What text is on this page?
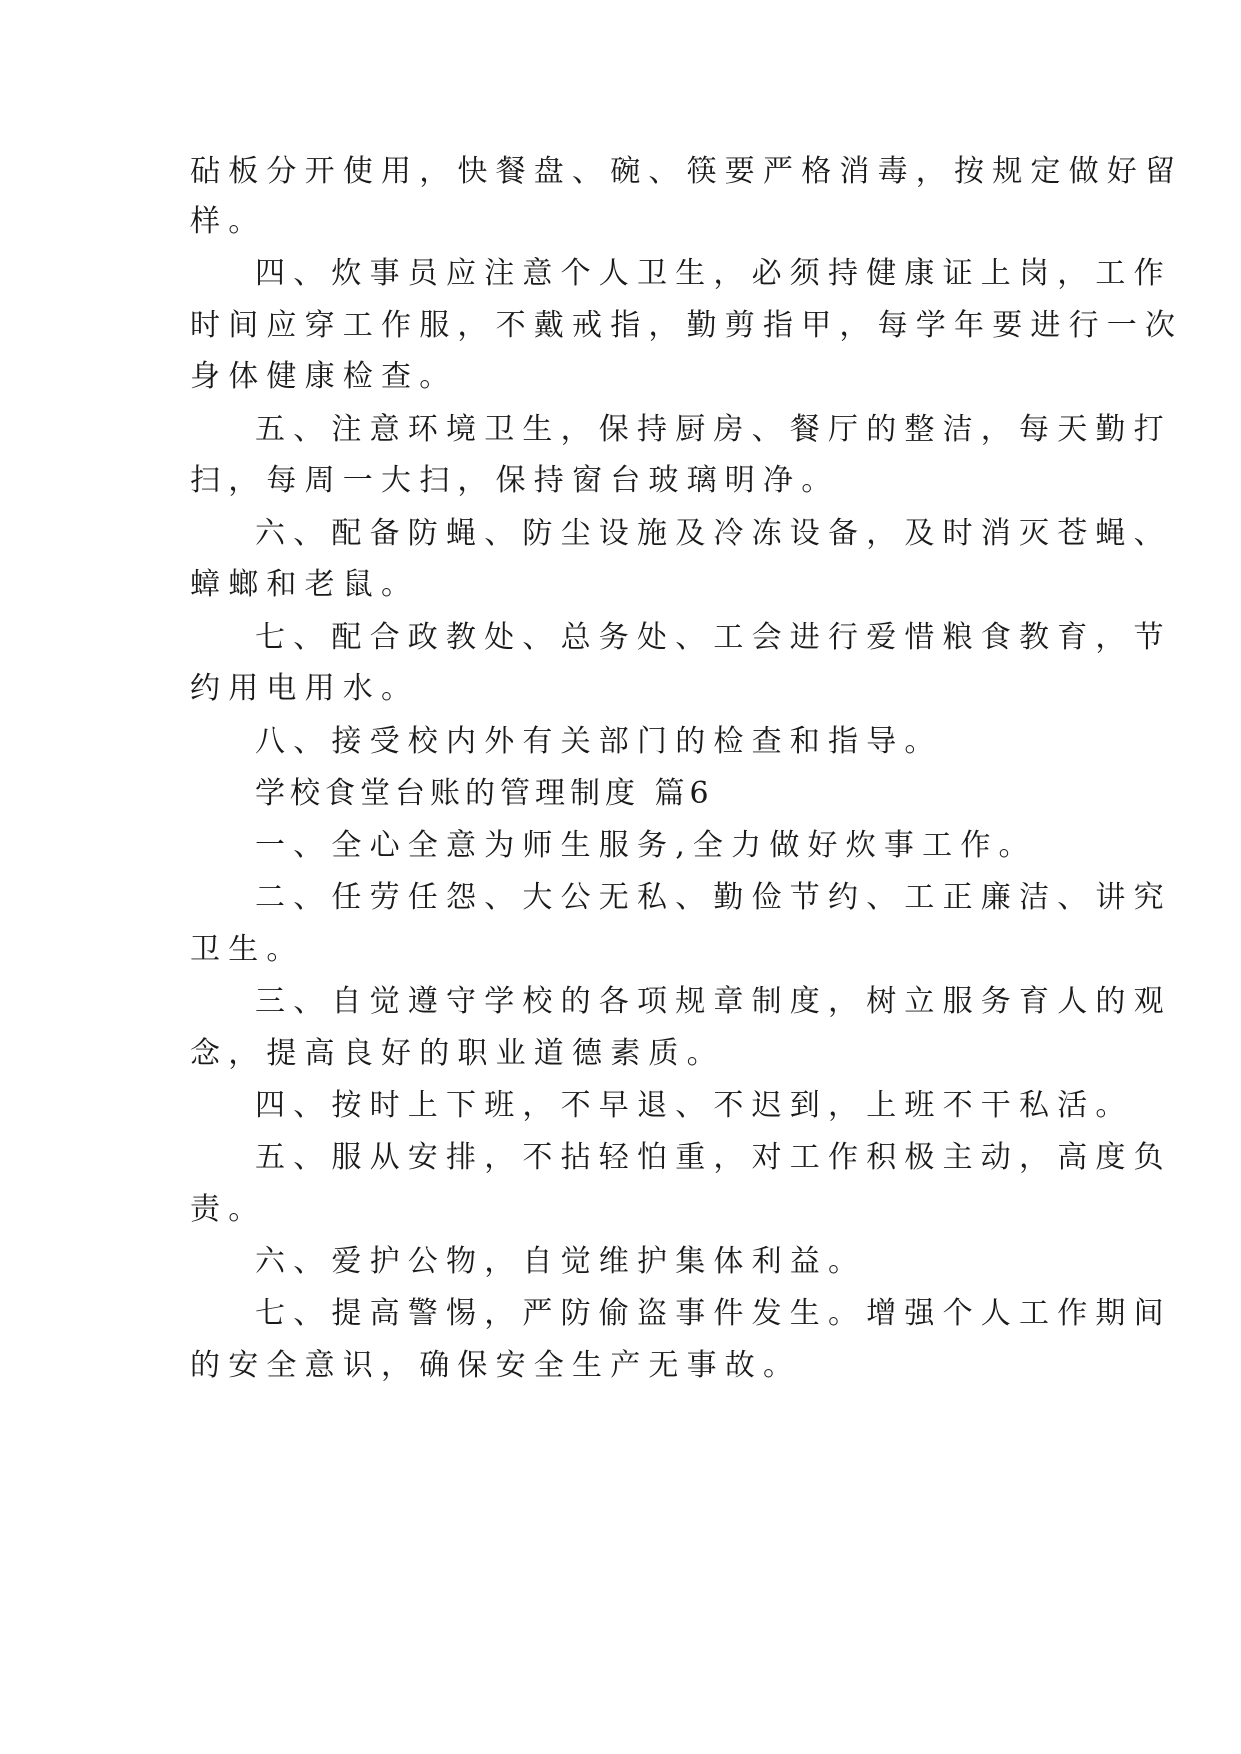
砧板分开使用，快餐盘、碗、筷要严格消毒，按规定做好留

样。

四、炊事员应注意个人卫生，必须持健康证上岗，工作

时间应穿工作服，不戴戒指，勤剪指甲，每学年要进行一次

身体健康检查。

五、注意环境卫生，保持厨房、餐厅的整洁，每天勤打

扫，每周一大扫，保持窗台玻璃明净。

六、配备防蝇、防尘设施及冷冻设备，及时消灭苍蝇、

蟑螂和老鼠。

七、配合政教处、总务处、工会进行爱惜粮食教育，节

约用电用水。

八、接受校内外有关部门的检查和指导。

学校食堂台账的管理制度 篇6

一、全心全意为师生服务,全力做好炊事工作。

二、任劳任怨、大公无私、勤俭节约、工正廉洁、讲究

卫生。

三、自觉遵守学校的各项规章制度，树立服务育人的观

念，提高良好的职业道德素质。

四、按时上下班，不早退、不迟到，上班不干私活。

五、服从安排，不拈轻怕重，对工作积极主动，高度负

责。

六、爱护公物，自觉维护集体利益。

七、提高警惕，严防偷盗事件发生。增强个人工作期间

的安全意识，确保安全生产无事故。
